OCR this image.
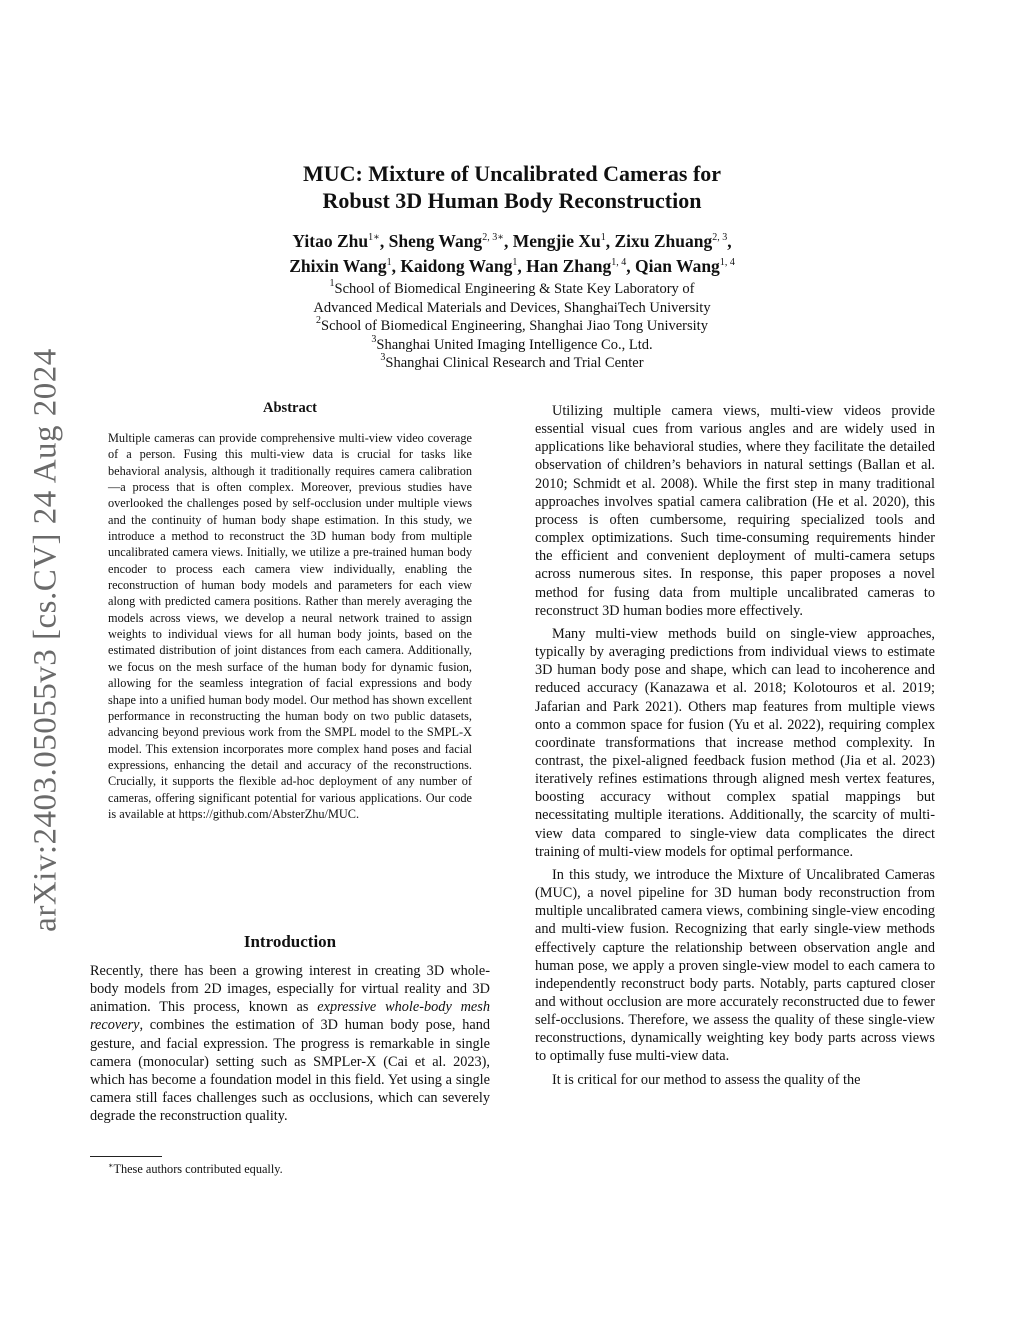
arXiv:2403.05055v3 [cs.CV] 24 Aug 2024
MUC: Mixture of Uncalibrated Cameras for
Robust 3D Human Body Reconstruction
Yitao Zhu$^{1∗}$, Sheng Wang$^{2, 3∗}$, Mengjie Xu$^1$, Zixu Zhuang$^{2, 3}$,
Zhixin Wang$^1$, Kaidong Wang$^1$, Han Zhang$^{1, 4}$, Qian Wang$^{1, 4}$
$^1$School of Biomedical Engineering & State Key Laboratory of
Advanced Medical Materials and Devices, ShanghaiTech University
$^2$School of Biomedical Engineering, Shanghai Jiao Tong University
$^3$Shanghai United Imaging Intelligence Co., Ltd.
$^3$Shanghai Clinical Research and Trial Center
Abstract
Multiple cameras can provide comprehensive multi-view video coverage of a person. Fusing this multi-view data is crucial for tasks like behavioral analysis, although it traditionally requires camera calibration—a process that is often complex. Moreover, previous studies have overlooked the challenges posed by self-occlusion under multiple views and the continuity of human body shape estimation. In this study, we introduce a method to reconstruct the 3D human body from multiple uncalibrated camera views. Initially, we utilize a pre-trained human body encoder to process each camera view individually, enabling the reconstruction of human body models and parameters for each view along with predicted camera positions. Rather than merely averaging the models across views, we develop a neural network trained to assign weights to individual views for all human body joints, based on the estimated distribution of joint distances from each camera. Additionally, we focus on the mesh surface of the human body for dynamic fusion, allowing for the seamless integration of facial expressions and body shape into a unified human body model. Our method has shown excellent performance in reconstructing the human body on two public datasets, advancing beyond previous work from the SMPL model to the SMPL-X model. This extension incorporates more complex hand poses and facial expressions, enhancing the detail and accuracy of the reconstructions. Crucially, it supports the flexible ad-hoc deployment of any number of cameras, offering significant potential for various applications. Our code is available at https://github.com/AbsterZhu/MUC.
Introduction
Recently, there has been a growing interest in creating 3D whole-body models from 2D images, especially for virtual reality and 3D animation. This process, known as expressive whole-body mesh recovery, combines the estimation of 3D human body pose, hand gesture, and facial expression. The progress is remarkable in single camera (monocular) setting such as SMPLer-X (Cai et al. 2023), which has become a foundation model in this field. Yet using a single camera still faces challenges such as occlusions, which can severely degrade the reconstruction quality.
∗These authors contributed equally.

Utilizing multiple camera views, multi-view videos provide essential visual cues from various angles and are widely used in applications like behavioral studies, where they facilitate the detailed observation of children’s behaviors in natural settings (Ballan et al. 2010; Schmidt et al. 2008). While the first step in many traditional approaches involves spatial camera calibration (He et al. 2020), this process is often cumbersome, requiring specialized tools and complex optimizations. Such time-consuming requirements hinder the efficient and convenient deployment of multi-camera setups across numerous sites. In response, this paper proposes a novel method for fusing data from multiple uncalibrated cameras to reconstruct 3D human bodies more effectively.

Many multi-view methods build on single-view approaches, typically by averaging predictions from individual views to estimate 3D human body pose and shape, which can lead to incoherence and reduced accuracy (Kanazawa et al. 2018; Kolotouros et al. 2019; Jafarian and Park 2021). Others map features from multiple views onto a common space for fusion (Yu et al. 2022), requiring complex coordinate transformations that increase method complexity. In contrast, the pixel-aligned feedback fusion method (Jia et al. 2023) iteratively refines estimations through aligned mesh vertex features, boosting accuracy without complex spatial mappings but necessitating multiple iterations. Additionally, the scarcity of multi-view data compared to single-view data complicates the direct training of multi-view models for optimal performance.

In this study, we introduce the Mixture of Uncalibrated Cameras (MUC), a novel pipeline for 3D human body reconstruction from multiple uncalibrated camera views, combining single-view encoding and multi-view fusion. Recognizing that early single-view methods effectively capture the relationship between observation angle and human pose, we apply a proven single-view model to each camera to independently reconstruct body parts. Notably, parts captured closer and without occlusion are more accurately reconstructed due to fewer self-occlusions. Therefore, we assess the quality of these single-view reconstructions, dynamically weighting key body parts across views to optimally fuse multi-view data.

It is critical for our method to assess the quality of the
